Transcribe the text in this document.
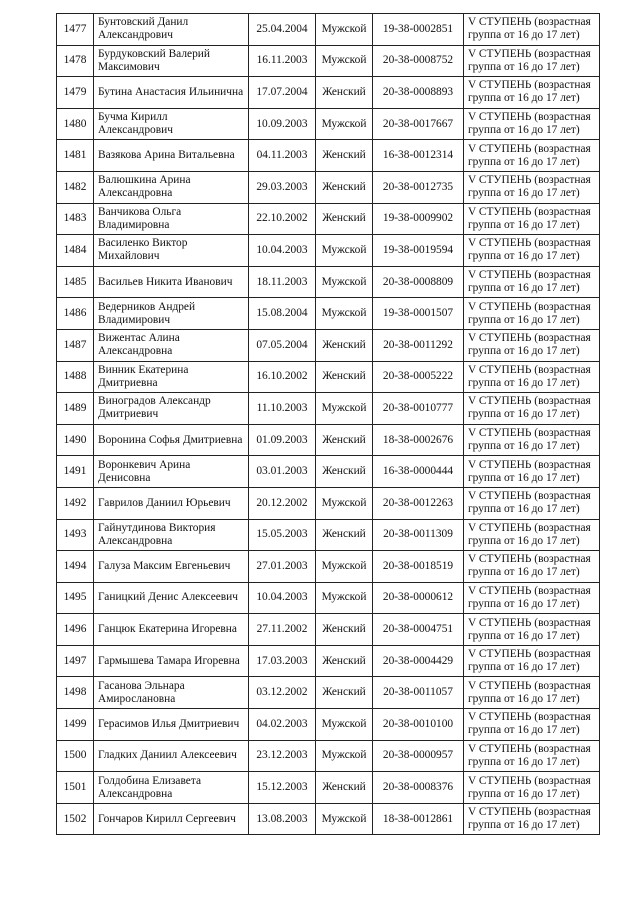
1477	Бунтовский Данил Александрович	25.04.2004	Мужской	19-38-0002851	V СТУПЕНЬ (возрастная группа от 16 до 17 лет)
1478	Бурдуковский Валерий Максимович	16.11.2003	Мужской	20-38-0008752	V СТУПЕНЬ (возрастная группа от 16 до 17 лет)
1479	Бутина Анастасия Ильинична	17.07.2004	Женский	20-38-0008893	V СТУПЕНЬ (возрастная группа от 16 до 17 лет)
1480	Бучма Кирилл Александрович	10.09.2003	Мужской	20-38-0017667	V СТУПЕНЬ (возрастная группа от 16 до 17 лет)
1481	Вазякова Арина Витальевна	04.11.2003	Женский	16-38-0012314	V СТУПЕНЬ (возрастная группа от 16 до 17 лет)
1482	Валюшкина Арина Александровна	29.03.2003	Женский	20-38-0012735	V СТУПЕНЬ (возрастная группа от 16 до 17 лет)
1483	Ванчикова Ольга Владимировна	22.10.2002	Женский	19-38-0009902	V СТУПЕНЬ (возрастная группа от 16 до 17 лет)
1484	Василенко Виктор Михайлович	10.04.2003	Мужской	19-38-0019594	V СТУПЕНЬ (возрастная группа от 16 до 17 лет)
1485	Васильев Никита Иванович	18.11.2003	Мужской	20-38-0008809	V СТУПЕНЬ (возрастная группа от 16 до 17 лет)
1486	Ведерников Андрей Владимирович	15.08.2004	Мужской	19-38-0001507	V СТУПЕНЬ (возрастная группа от 16 до 17 лет)
1487	Вижентас Алина Александровна	07.05.2004	Женский	20-38-0011292	V СТУПЕНЬ (возрастная группа от 16 до 17 лет)
1488	Винник Екатерина Дмитриевна	16.10.2002	Женский	20-38-0005222	V СТУПЕНЬ (возрастная группа от 16 до 17 лет)
1489	Виноградов Александр Дмитриевич	11.10.2003	Мужской	20-38-0010777	V СТУПЕНЬ (возрастная группа от 16 до 17 лет)
1490	Воронина Софья Дмитриевна	01.09.2003	Женский	18-38-0002676	V СТУПЕНЬ (возрастная группа от 16 до 17 лет)
1491	Воронкевич Арина Денисовна	03.01.2003	Женский	16-38-0000444	V СТУПЕНЬ (возрастная группа от 16 до 17 лет)
1492	Гаврилов Даниил Юрьевич	20.12.2002	Мужской	20-38-0012263	V СТУПЕНЬ (возрастная группа от 16 до 17 лет)
1493	Гайнутдинова Виктория Александровна	15.05.2003	Женский	20-38-0011309	V СТУПЕНЬ (возрастная группа от 16 до 17 лет)
1494	Галуза Максим Евгеньевич	27.01.2003	Мужской	20-38-0018519	V СТУПЕНЬ (возрастная группа от 16 до 17 лет)
1495	Ганицкий Денис Алексеевич	10.04.2003	Мужской	20-38-0000612	V СТУПЕНЬ (возрастная группа от 16 до 17 лет)
1496	Ганцюк Екатерина Игоревна	27.11.2002	Женский	20-38-0004751	V СТУПЕНЬ (возрастная группа от 16 до 17 лет)
1497	Гармышева Тамара Игоревна	17.03.2003	Женский	20-38-0004429	V СТУПЕНЬ (возрастная группа от 16 до 17 лет)
1498	Гасанова Эльнара Амирослановна	03.12.2002	Женский	20-38-0011057	V СТУПЕНЬ (возрастная группа от 16 до 17 лет)
1499	Герасимов Илья Дмитриевич	04.02.2003	Мужской	20-38-0010100	V СТУПЕНЬ (возрастная группа от 16 до 17 лет)
1500	Гладких Даниил Алексеевич	23.12.2003	Мужской	20-38-0000957	V СТУПЕНЬ (возрастная группа от 16 до 17 лет)
1501	Голдобина Елизавета Александровна	15.12.2003	Женский	20-38-0008376	V СТУПЕНЬ (возрастная группа от 16 до 17 лет)
1502	Гончаров Кирилл Сергеевич	13.08.2003	Мужской	18-38-0012861	V СТУПЕНЬ (возрастная группа от 16 до 17 лет)
